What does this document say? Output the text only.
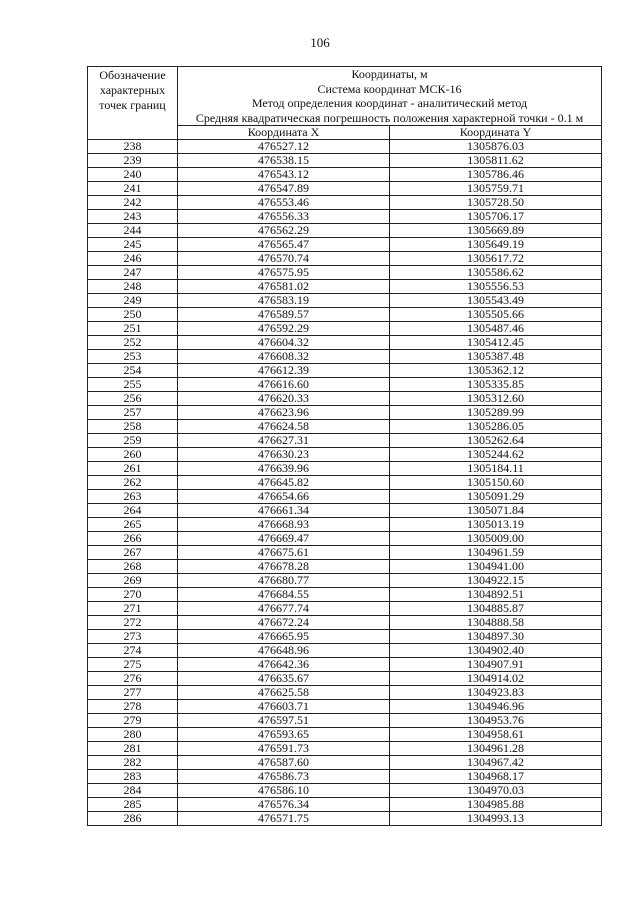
106
Обозначение
характерных
точек границ	Координаты, м
Система координат МСК-16
Метод определения координат - аналитический метод
Средняя квадратическая погрешность положения характерной точки - 0.1 м	

	Координата X	Координата Y
238	476527.12	1305876.03
239	476538.15	1305811.62
240	476543.12	1305786.46
241	476547.89	1305759.71
242	476553.46	1305728.50
243	476556.33	1305706.17
244	476562.29	1305669.89
245	476565.47	1305649.19
246	476570.74	1305617.72
247	476575.95	1305586.62
248	476581.02	1305556.53
249	476583.19	1305543.49
250	476589.57	1305505.66
251	476592.29	1305487.46
252	476604.32	1305412.45
253	476608.32	1305387.48
254	476612.39	1305362.12
255	476616.60	1305335.85
256	476620.33	1305312.60
257	476623.96	1305289.99
258	476624.58	1305286.05
259	476627.31	1305262.64
260	476630.23	1305244.62
261	476639.96	1305184.11
262	476645.82	1305150.60
263	476654.66	1305091.29
264	476661.34	1305071.84
265	476668.93	1305013.19
266	476669.47	1305009.00
267	476675.61	1304961.59
268	476678.28	1304941.00
269	476680.77	1304922.15
270	476684.55	1304892.51
271	476677.74	1304885.87
272	476672.24	1304888.58
273	476665.95	1304897.30
274	476648.96	1304902.40
275	476642.36	1304907.91
276	476635.67	1304914.02
277	476625.58	1304923.83
278	476603.71	1304946.96
279	476597.51	1304953.76
280	476593.65	1304958.61
281	476591.73	1304961.28
282	476587.60	1304967.42
283	476586.73	1304968.17
284	476586.10	1304970.03
285	476576.34	1304985.88
286	476571.75	1304993.13
